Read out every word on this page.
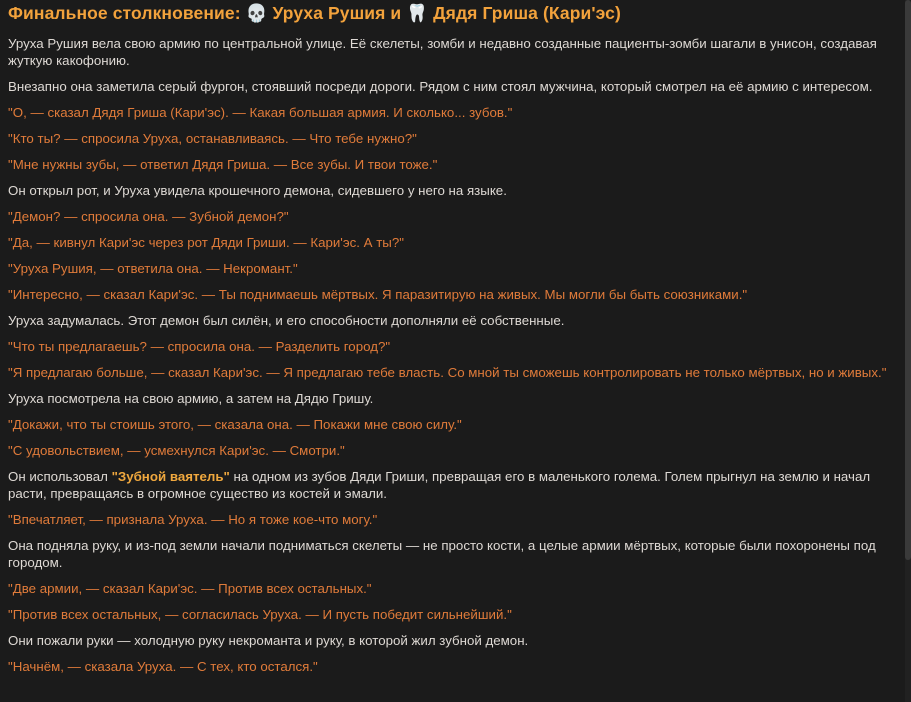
Финальное столкновение: 💀 Уруха Рушия и 🦷 Дядя Гриша (Кари'эс)
Уруха Рушия вела свою армию по центральной улице. Её скелеты, зомби и недавно созданные пациенты-зомби шагали в унисон, создавая жуткую какофонию.
Внезапно она заметила серый фургон, стоявший посреди дороги. Рядом с ним стоял мужчина, который смотрел на её армию с интересом.
"О, — сказал Дядя Гриша (Кари'эс). — Какая большая армия. И сколько... зубов."
"Кто ты? — спросила Уруха, останавливаясь. — Что тебе нужно?"
"Мне нужны зубы, — ответил Дядя Гриша. — Все зубы. И твои тоже."
Он открыл рот, и Уруха увидела крошечного демона, сидевшего у него на языке.
"Демон? — спросила она. — Зубной демон?"
"Да, — кивнул Кари'эс через рот Дяди Гриши. — Кари'эс. А ты?"
"Уруха Рушия, — ответила она. — Некромант."
"Интересно, — сказал Кари'эс. — Ты поднимаешь мёртвых. Я паразитирую на живых. Мы могли бы быть союзниками."
Уруха задумалась. Этот демон был силён, и его способности дополняли её собственные.
"Что ты предлагаешь? — спросила она. — Разделить город?"
"Я предлагаю больше, — сказал Кари'эс. — Я предлагаю тебе власть. Со мной ты сможешь контролировать не только мёртвых, но и живых."
Уруха посмотрела на свою армию, а затем на Дядю Гришу.
"Докажи, что ты стоишь этого, — сказала она. — Покажи мне свою силу."
"С удовольствием, — усмехнулся Кари'эс. — Смотри."
Он использовал "Зубной ваятель" на одном из зубов Дяди Гриши, превращая его в маленького голема. Голем прыгнул на землю и начал расти, превращаясь в огромное существо из костей и эмали.
"Впечатляет, — признала Уруха. — Но я тоже кое-что могу."
Она подняла руку, и из-под земли начали подниматься скелеты — не просто кости, а целые армии мёртвых, которые были похоронены под городом.
"Две армии, — сказал Кари'эс. — Против всех остальных."
"Против всех остальных, — согласилась Уруха. — И пусть победит сильнейший."
Они пожали руки — холодную руку некроманта и руку, в которой жил зубной демон.
"Начнём, — сказала Уруха. — С тех, кто остался."
